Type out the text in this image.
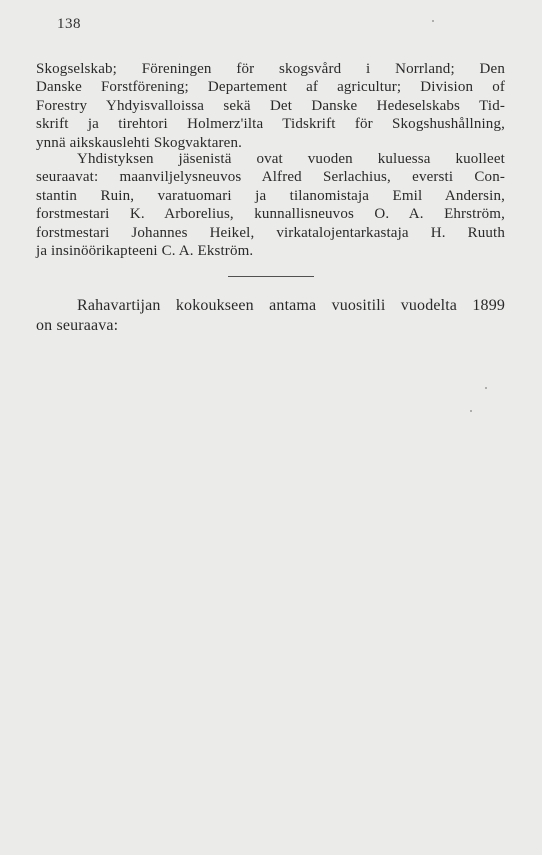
138
Skogselskab; Föreningen för skogsvård i Norrland; Den
Danske Forstförening; Departement af agricultur; Division of
Forestry Yhdyisvalloissa sekä Det Danske Hedeselskabs Tid-
skrift ja tirehtori Holmerz'ilta Tidskrift för Skogshushållning,
ynnä aikskauslehti Skogvaktaren.
Yhdistyksen jäsenistä ovat vuoden kuluessa kuolleet
seuraavat: maanviljelysneuvos Alfred Serlachius, eversti Con-
stantin Ruin, varatuomari ja tilanomistaja Emil Andersin,
forstmestari K. Arborelius, kunnallisneuvos O. A. Ehrström,
forstmestari Johannes Heikel, virkatalojentarkastaja H. Ruuth
ja insinöörikapteeni C. A. Ekström.
Rahavartijan kokoukseen antama vuositili vuodelta 1899
on seuraava:
